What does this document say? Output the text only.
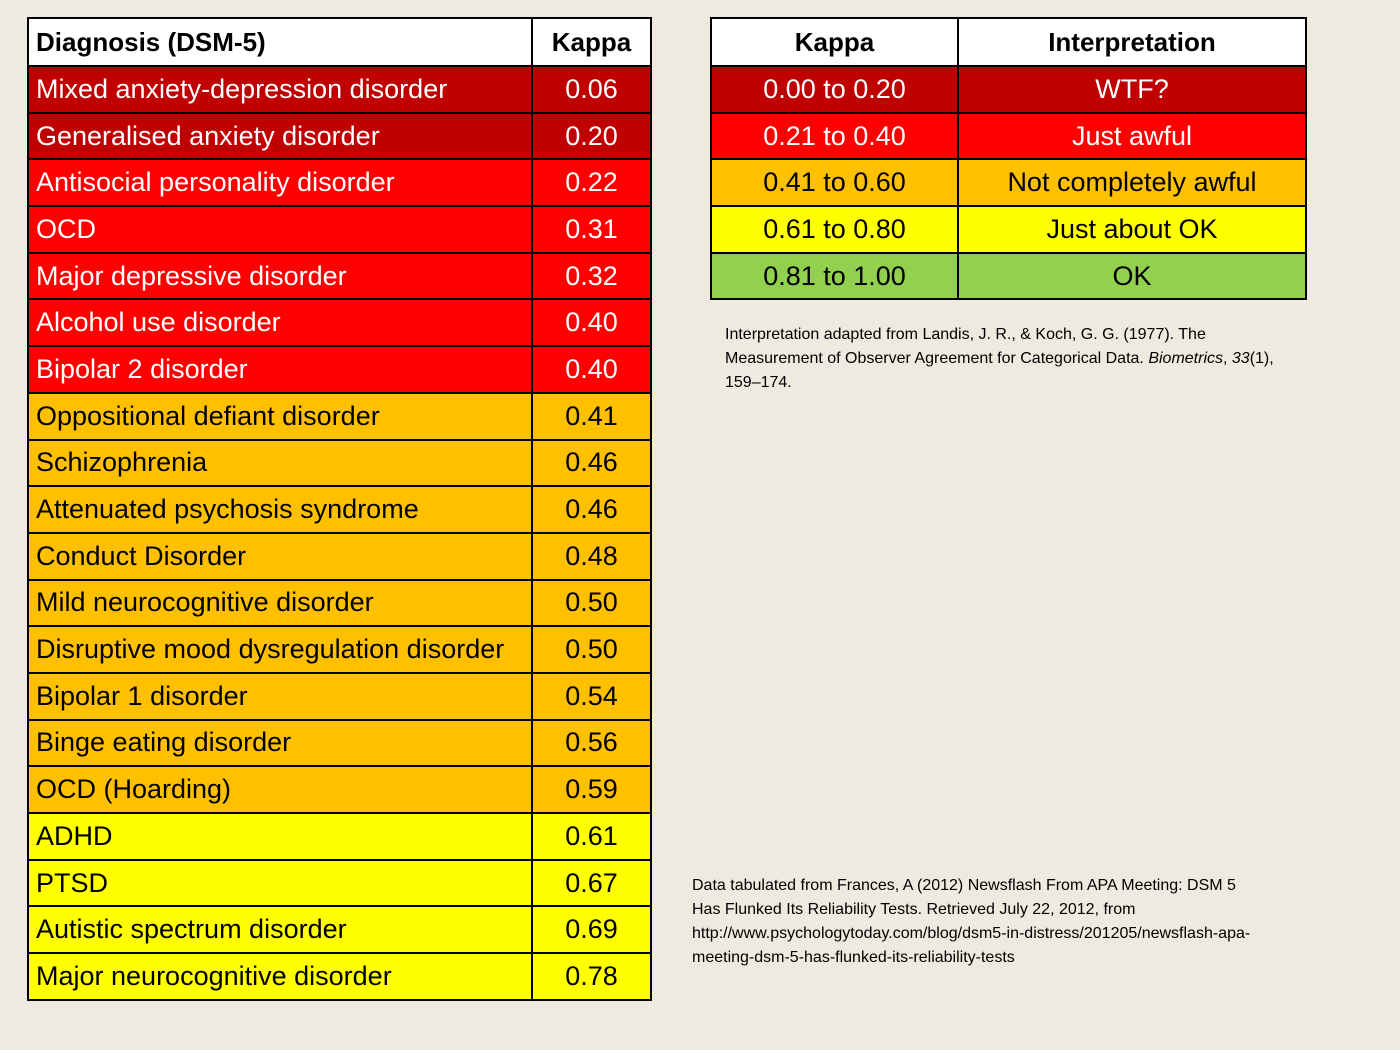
Diagnosis (DSM-5)	Kappa
Mixed anxiety-depression disorder	0.06
Generalised anxiety disorder	0.20
Antisocial personality disorder	0.22
OCD	0.31
Major depressive disorder	0.32
Alcohol use disorder	0.40
Bipolar 2 disorder	0.40
Oppositional defiant disorder	0.41
Schizophrenia	0.46
Attenuated psychosis syndrome	0.46
Conduct Disorder	0.48
Mild neurocognitive disorder	0.50
Disruptive mood dysregulation disorder	0.50
Bipolar 1 disorder	0.54
Binge eating disorder	0.56
OCD (Hoarding)	0.59
ADHD	0.61
PTSD	0.67
Autistic spectrum disorder	0.69
Major neurocognitive disorder	0.78
Kappa	Interpretation
0.00 to 0.20	WTF?
0.21 to 0.40	Just awful
0.41 to 0.60	Not completely awful
0.61 to 0.80	Just about OK
0.81 to 1.00	OK
Interpretation adapted from Landis, J. R., & Koch, G. G. (1977). The Measurement of Observer Agreement for Categorical Data. Biometrics, 33(1), 159–174.
Data tabulated from Frances, A (2012) Newsflash From APA Meeting: DSM 5 Has Flunked Its Reliability Tests. Retrieved July 22, 2012, from http://www.psychologytoday.com/blog/dsm5-in-distress/201205/newsflash-apa-meeting-dsm-5-has-flunked-its-reliability-tests
